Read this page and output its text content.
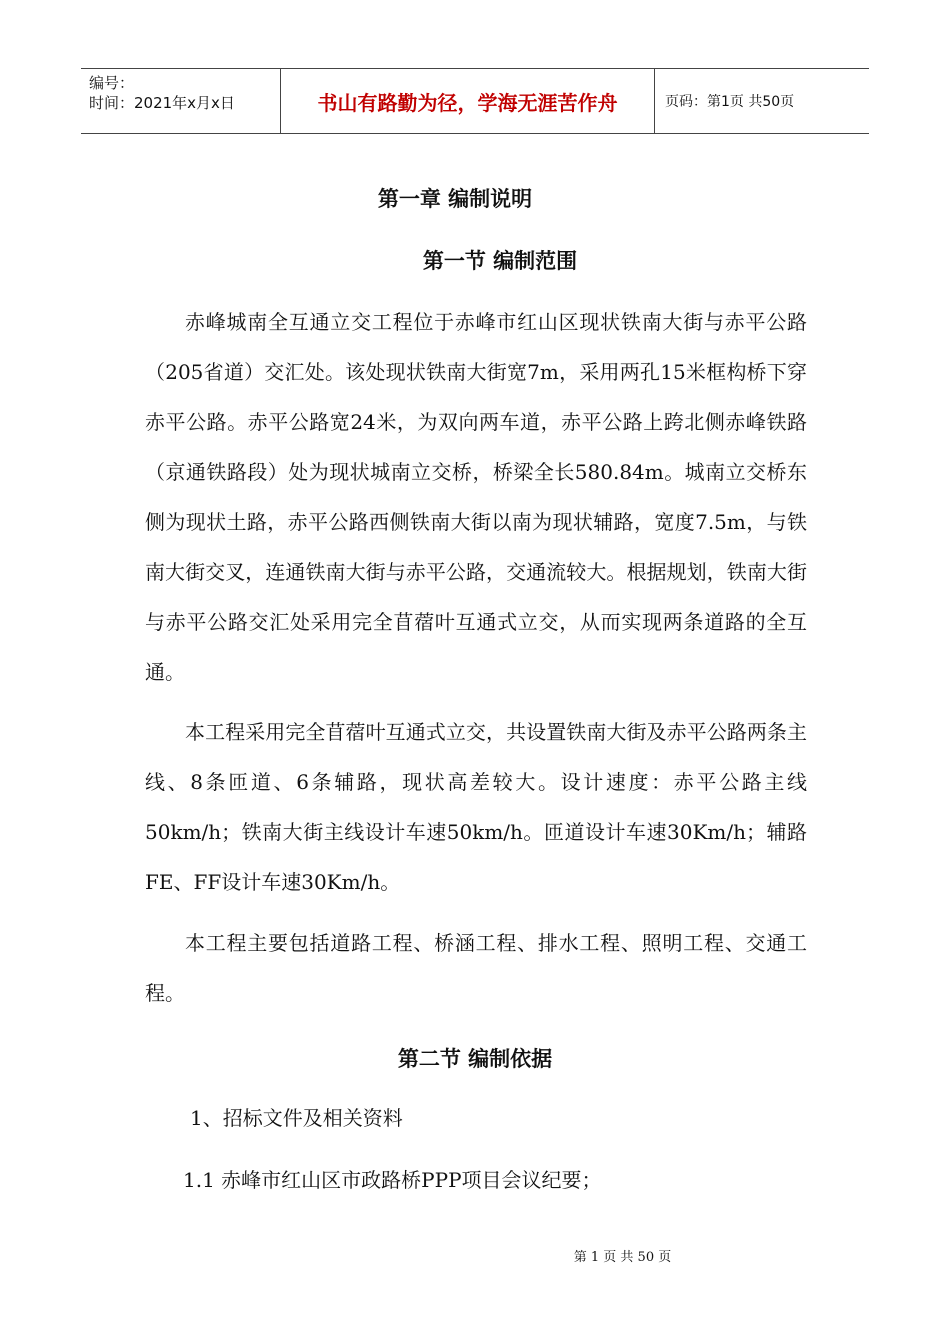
编号：
时间：2021年x月x日	书山有路勤为径，学海无涯苦作舟	页码：第1页 共50页
第一章 编制说明
第一节 编制范围

赤峰城南全互通立交工程位于赤峰市红山区现状铁南大街与赤平公路（205省道）交汇处。该处现状铁南大街宽7m，采用两孔15米框构桥下穿赤平公路。赤平公路宽24米，为双向两车道，赤平公路上跨北侧赤峰铁路（京通铁路段）处为现状城南立交桥，桥梁全长580.84m。城南立交桥东侧为现状土路，赤平公路西侧铁南大街以南为现状辅路，宽度7.5m，与铁南大街交叉，连通铁南大街与赤平公路，交通流较大。根据规划，铁南大街与赤平公路交汇处采用完全苜蓿叶互通式立交，从而实现两条道路的全互通。

本工程采用完全苜蓿叶互通式立交，共设置铁南大街及赤平公路两条主线、8条匝道、6条辅路，现状高差较大。设计速度：赤平公路主线50km/h；铁南大街主线设计车速50km/h。匝道设计车速30Km/h；辅路FE、FF设计车速30Km/h。

本工程主要包括道路工程、桥涵工程、排水工程、照明工程、交通工程。

第二节 编制依据

1、招标文件及相关资料

1.1 赤峰市红山区市政路桥PPP项目会议纪要；

第 1 页 共 50 页
